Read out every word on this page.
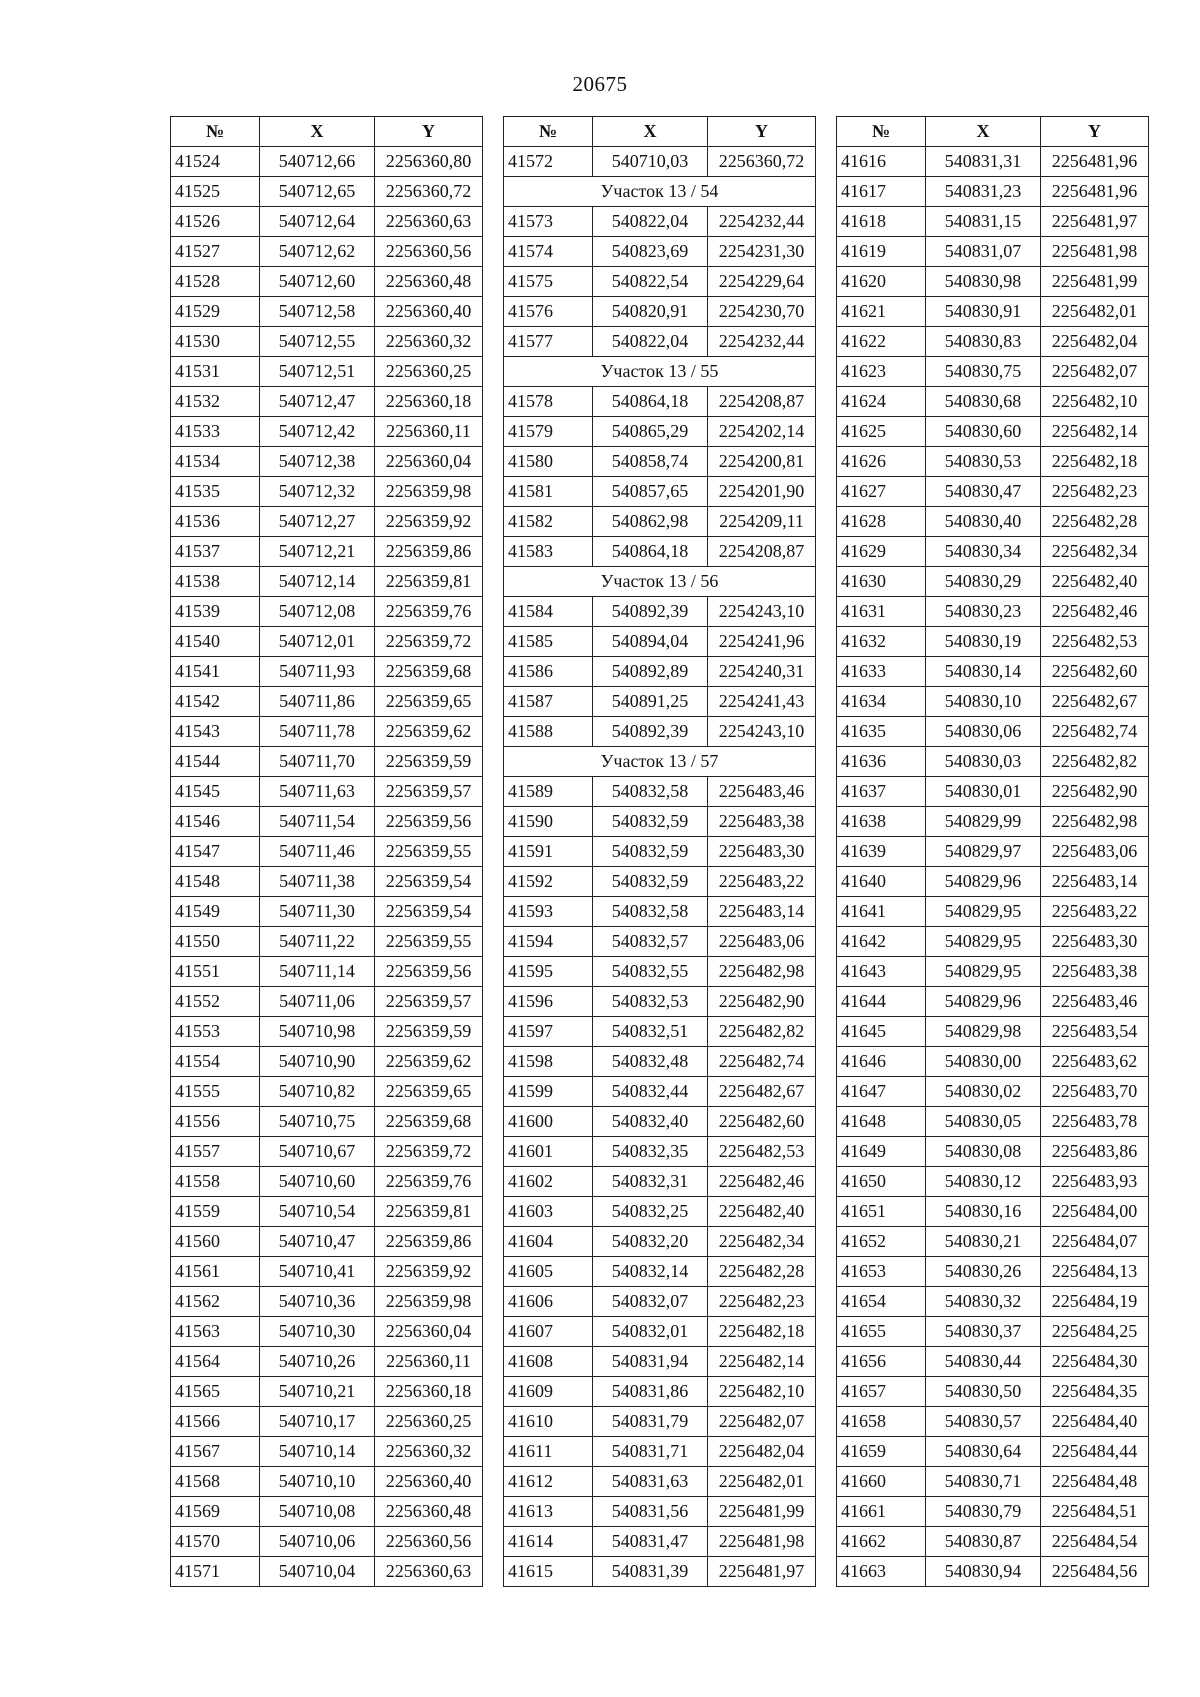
20675
№	X	Y
41524	540712,66	2256360,80
41525	540712,65	2256360,72
41526	540712,64	2256360,63
41527	540712,62	2256360,56
41528	540712,60	2256360,48
41529	540712,58	2256360,40
41530	540712,55	2256360,32
41531	540712,51	2256360,25
41532	540712,47	2256360,18
41533	540712,42	2256360,11
41534	540712,38	2256360,04
41535	540712,32	2256359,98
41536	540712,27	2256359,92
41537	540712,21	2256359,86
41538	540712,14	2256359,81
41539	540712,08	2256359,76
41540	540712,01	2256359,72
41541	540711,93	2256359,68
41542	540711,86	2256359,65
41543	540711,78	2256359,62
41544	540711,70	2256359,59
41545	540711,63	2256359,57
41546	540711,54	2256359,56
41547	540711,46	2256359,55
41548	540711,38	2256359,54
41549	540711,30	2256359,54
41550	540711,22	2256359,55
41551	540711,14	2256359,56
41552	540711,06	2256359,57
41553	540710,98	2256359,59
41554	540710,90	2256359,62
41555	540710,82	2256359,65
41556	540710,75	2256359,68
41557	540710,67	2256359,72
41558	540710,60	2256359,76
41559	540710,54	2256359,81
41560	540710,47	2256359,86
41561	540710,41	2256359,92
41562	540710,36	2256359,98
41563	540710,30	2256360,04
41564	540710,26	2256360,11
41565	540710,21	2256360,18
41566	540710,17	2256360,25
41567	540710,14	2256360,32
41568	540710,10	2256360,40
41569	540710,08	2256360,48
41570	540710,06	2256360,56
41571	540710,04	2256360,63
№	X	Y
41572	540710,03	2256360,72
Участок 13 / 54		
41573	540822,04	2254232,44
41574	540823,69	2254231,30
41575	540822,54	2254229,64
41576	540820,91	2254230,70
41577	540822,04	2254232,44
Участок 13 / 55		
41578	540864,18	2254208,87
41579	540865,29	2254202,14
41580	540858,74	2254200,81
41581	540857,65	2254201,90
41582	540862,98	2254209,11
41583	540864,18	2254208,87
Участок 13 / 56		
41584	540892,39	2254243,10
41585	540894,04	2254241,96
41586	540892,89	2254240,31
41587	540891,25	2254241,43
41588	540892,39	2254243,10
Участок 13 / 57		
41589	540832,58	2256483,46
41590	540832,59	2256483,38
41591	540832,59	2256483,30
41592	540832,59	2256483,22
41593	540832,58	2256483,14
41594	540832,57	2256483,06
41595	540832,55	2256482,98
41596	540832,53	2256482,90
41597	540832,51	2256482,82
41598	540832,48	2256482,74
41599	540832,44	2256482,67
41600	540832,40	2256482,60
41601	540832,35	2256482,53
41602	540832,31	2256482,46
41603	540832,25	2256482,40
41604	540832,20	2256482,34
41605	540832,14	2256482,28
41606	540832,07	2256482,23
41607	540832,01	2256482,18
41608	540831,94	2256482,14
41609	540831,86	2256482,10
41610	540831,79	2256482,07
41611	540831,71	2256482,04
41612	540831,63	2256482,01
41613	540831,56	2256481,99
41614	540831,47	2256481,98
41615	540831,39	2256481,97
№	X	Y
41616	540831,31	2256481,96
41617	540831,23	2256481,96
41618	540831,15	2256481,97
41619	540831,07	2256481,98
41620	540830,98	2256481,99
41621	540830,91	2256482,01
41622	540830,83	2256482,04
41623	540830,75	2256482,07
41624	540830,68	2256482,10
41625	540830,60	2256482,14
41626	540830,53	2256482,18
41627	540830,47	2256482,23
41628	540830,40	2256482,28
41629	540830,34	2256482,34
41630	540830,29	2256482,40
41631	540830,23	2256482,46
41632	540830,19	2256482,53
41633	540830,14	2256482,60
41634	540830,10	2256482,67
41635	540830,06	2256482,74
41636	540830,03	2256482,82
41637	540830,01	2256482,90
41638	540829,99	2256482,98
41639	540829,97	2256483,06
41640	540829,96	2256483,14
41641	540829,95	2256483,22
41642	540829,95	2256483,30
41643	540829,95	2256483,38
41644	540829,96	2256483,46
41645	540829,98	2256483,54
41646	540830,00	2256483,62
41647	540830,02	2256483,70
41648	540830,05	2256483,78
41649	540830,08	2256483,86
41650	540830,12	2256483,93
41651	540830,16	2256484,00
41652	540830,21	2256484,07
41653	540830,26	2256484,13
41654	540830,32	2256484,19
41655	540830,37	2256484,25
41656	540830,44	2256484,30
41657	540830,50	2256484,35
41658	540830,57	2256484,40
41659	540830,64	2256484,44
41660	540830,71	2256484,48
41661	540830,79	2256484,51
41662	540830,87	2256484,54
41663	540830,94	2256484,56
